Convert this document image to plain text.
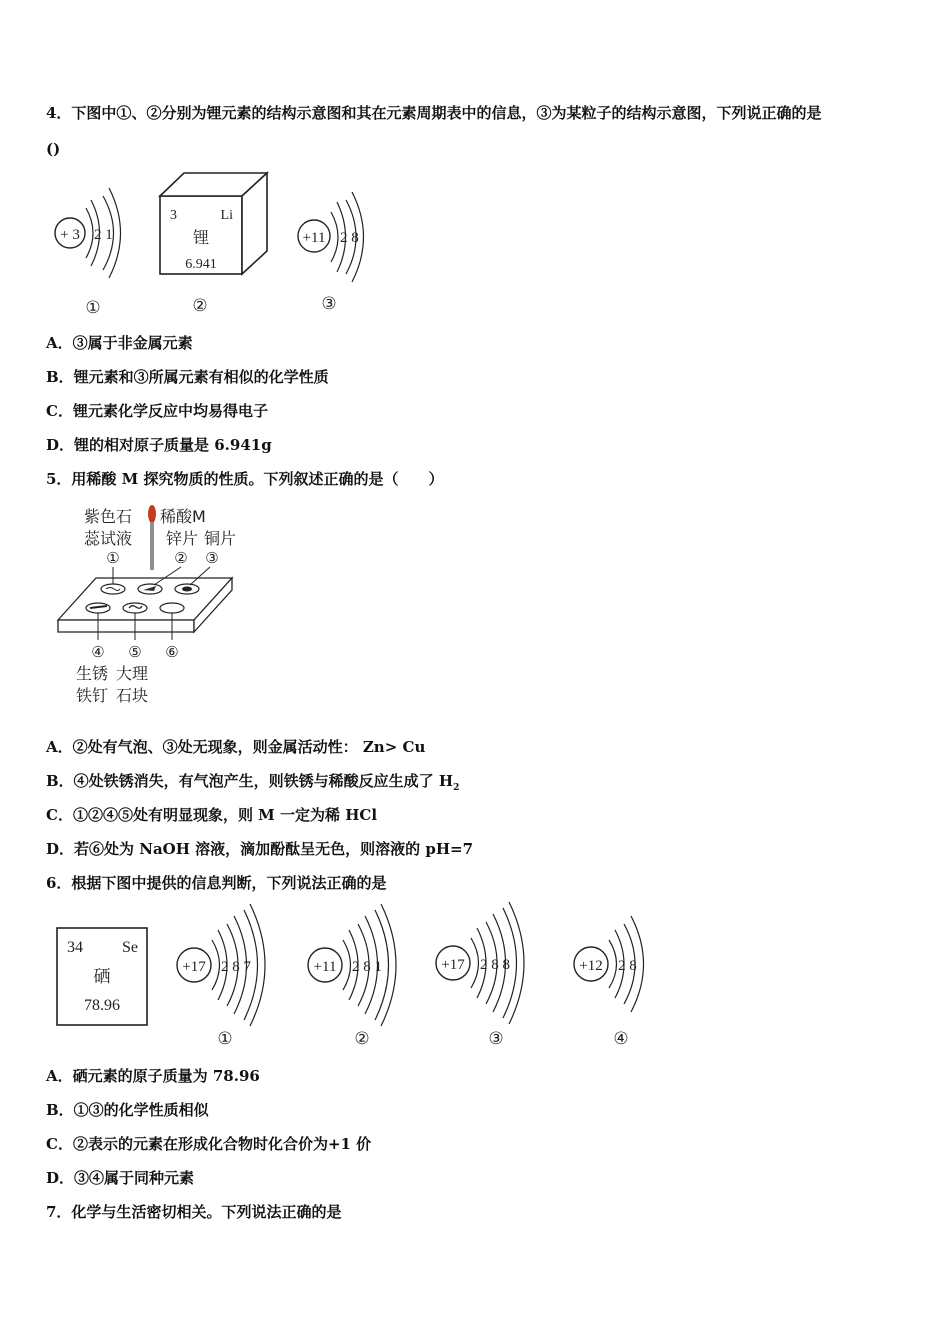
4．下图中①、②分别为锂元素的结构示意图和其在元素周期表中的信息，③为某粒子的结构示意图，下列说正确的是
()
+ 3 2 1
①
3	Li
锂
6.941
②
+11 2 8
③
A．③属于非金属元素
B．锂元素和③所属元素有相似的化学性质
C．锂元素化学反应中均易得电子
D．锂的相对原子质量是 6.941g
5．用稀酸 M 探究物质的性质。下列叙述正确的是（　　）
紫色石
蕊试液
稀酸M
锌片 铜片
①	② ③
④ ⑤ ⑥
生锈
铁钉
大理
石块
A．②处有气泡、③处无现象，则金属活动性： Zn> Cu
B．④处铁锈消失，有气泡产生，则铁锈与稀酸反应生成了 $H_2$
C．①②④⑤处有明显现象，则 M 一定为稀 HCl
D．若⑥处为 NaOH 溶液，滴加酚酞呈无色，则溶液的 pH=7
6．根据下图中提供的信息判断，下列说法正确的是
34 Se
硒
78.96
+17 2 8 7
①
+11 2 8 1
②
+17 2 8 8
③
+12 2 8
④
A．硒元素的原子质量为 78.96
B．①③的化学性质相似
C．②表示的元素在形成化合物时化合价为+1 价
D．③④属于同种元素
7．化学与生活密切相关。下列说法正确的是
